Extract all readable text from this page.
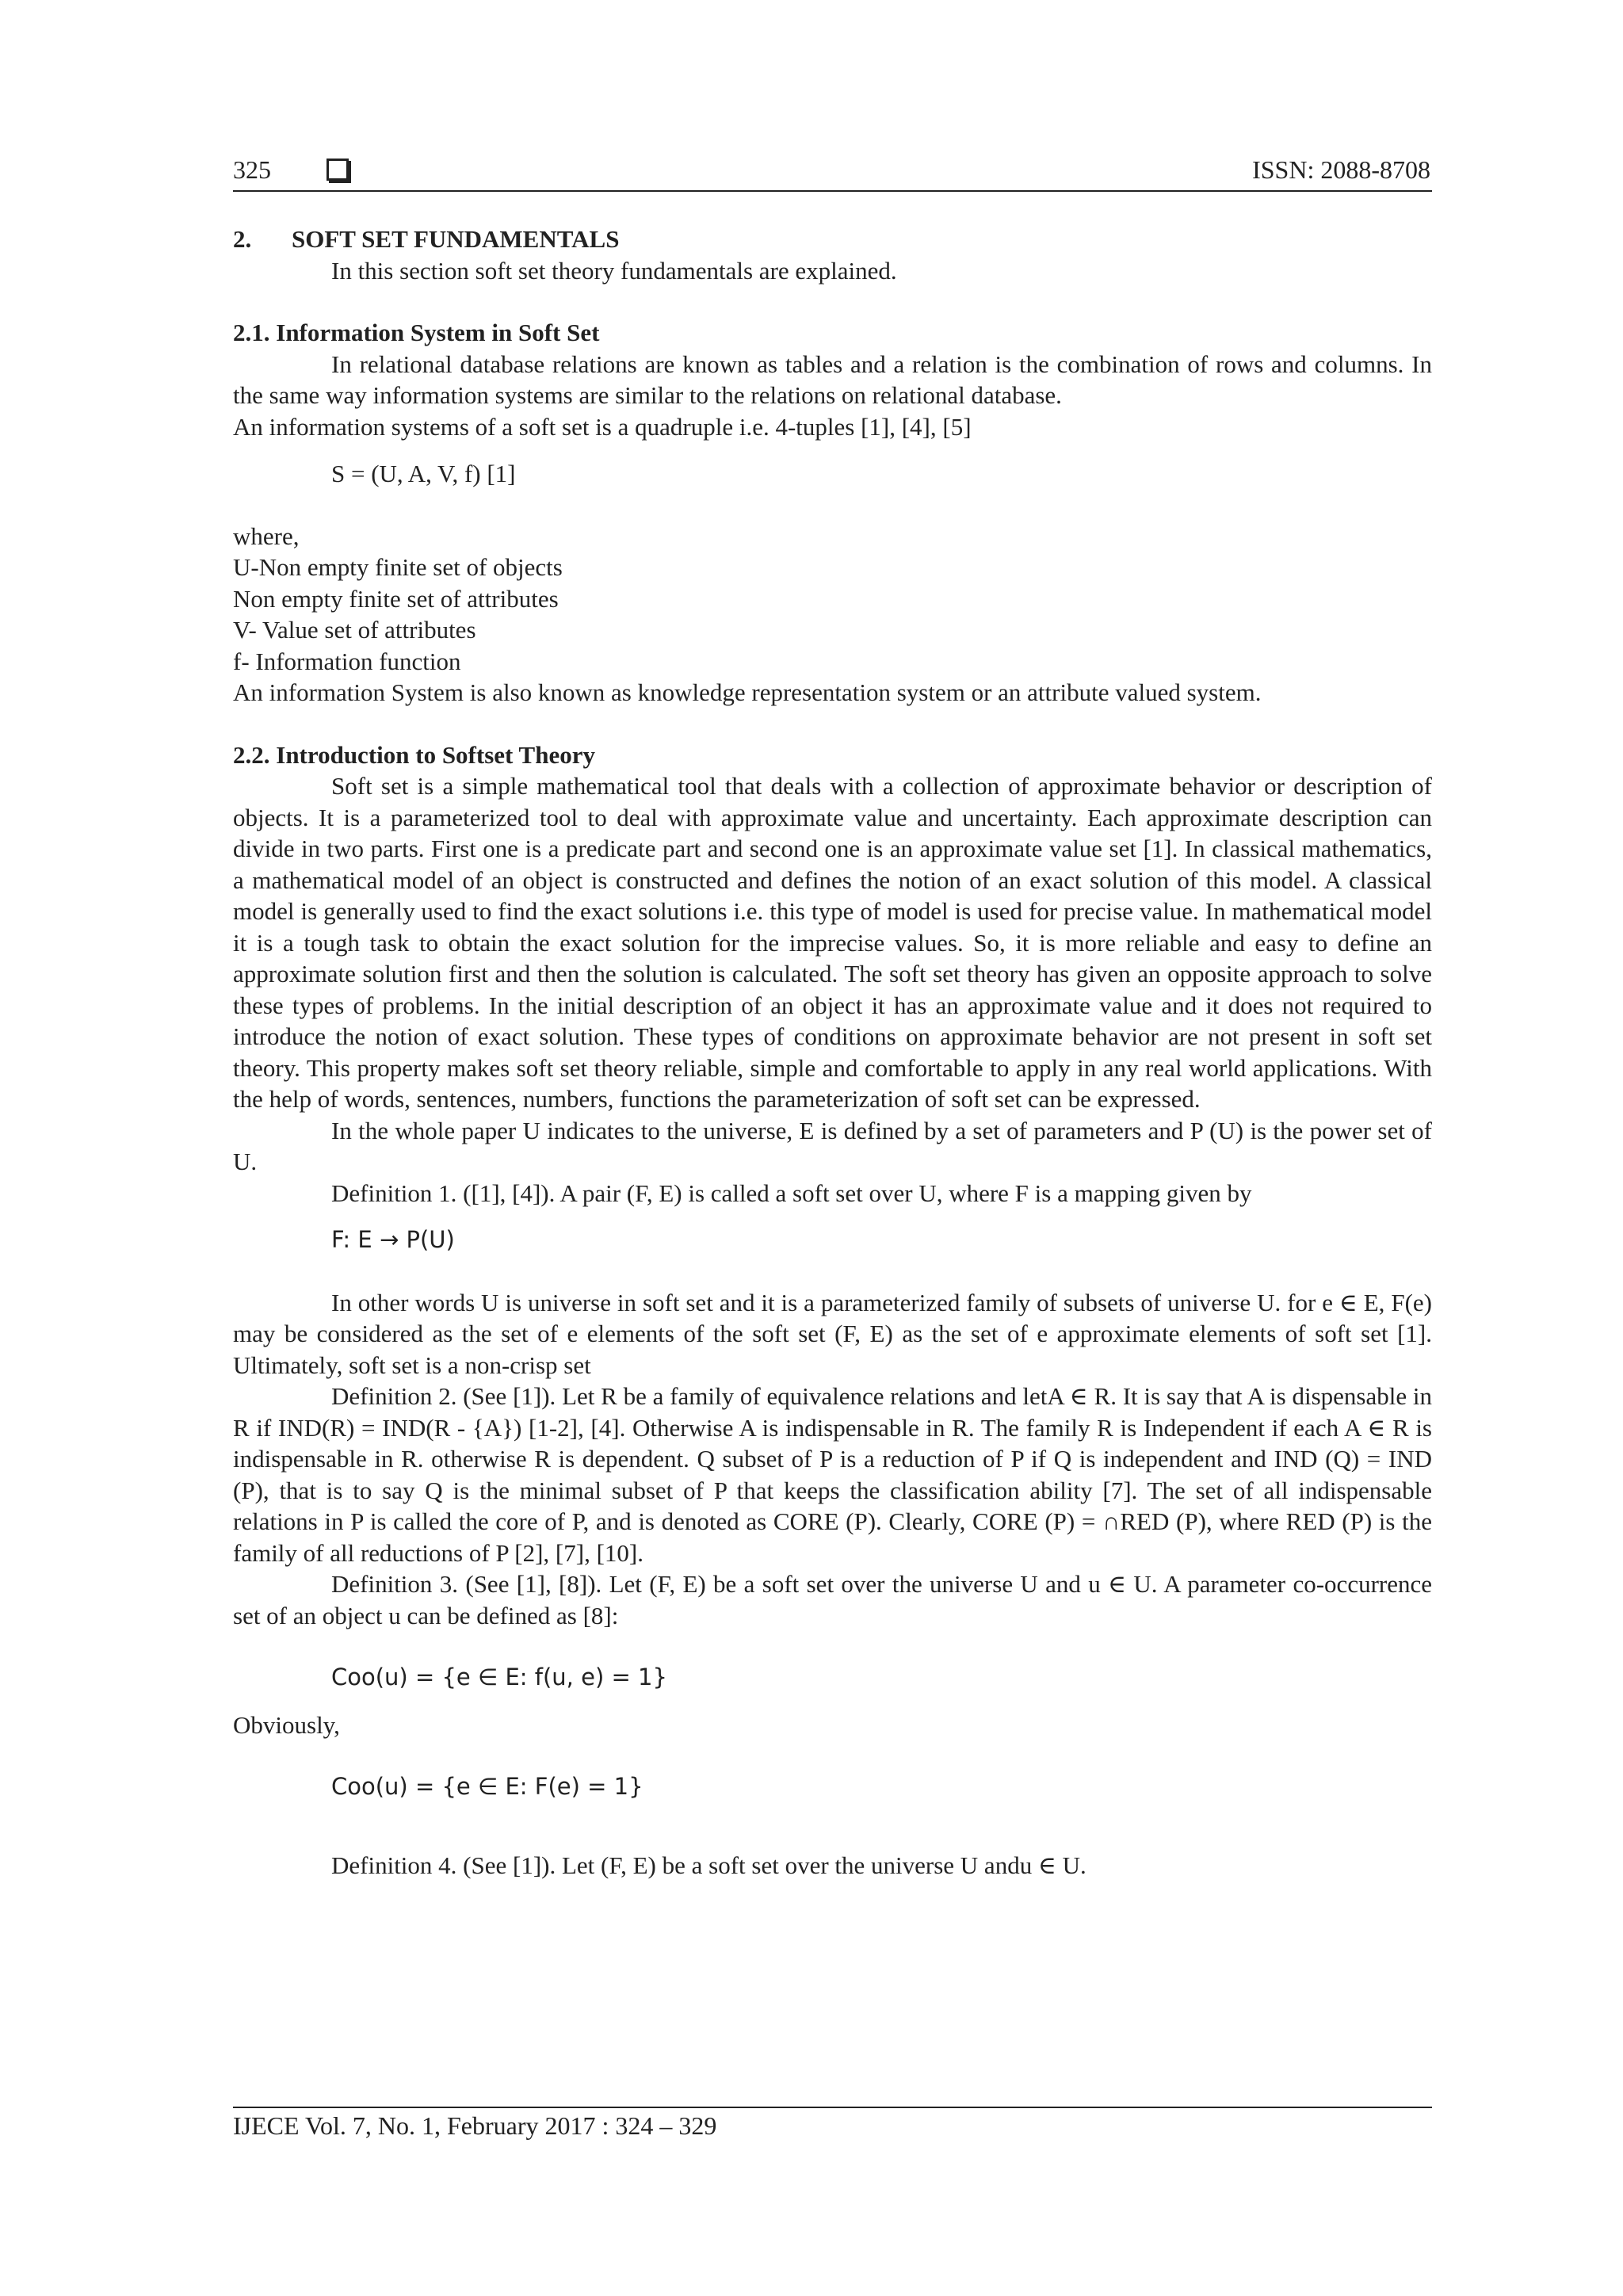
325	ISSN: 2088-8708

2. SOFT SET FUNDAMENTALS

In this section soft set theory fundamentals are explained.

2.1. Information System in Soft Set

In relational database relations are known as tables and a relation is the combination of rows and columns. In the same way information systems are similar to the relations on relational database.

An information systems of a soft set is a quadruple i.e. 4-tuples [1], [4], [5]

S = (U, A, V, f) [1]

where,

U-Non empty finite set of objects

Non empty finite set of attributes

V- Value set of attributes

f- Information function

An information System is also known as knowledge representation system or an attribute valued system.

2.2. Introduction to Softset Theory

Soft set is a simple mathematical tool that deals with a collection of approximate behavior or description of objects. It is a parameterized tool to deal with approximate value and uncertainty. Each approximate description can divide in two parts. First one is a predicate part and second one is an approximate value set [1]. In classical mathematics, a mathematical model of an object is constructed and defines the notion of an exact solution of this model. A classical model is generally used to find the exact solutions i.e. this type of model is used for precise value. In mathematical model it is a tough task to obtain the exact solution for the imprecise values. So, it is more reliable and easy to define an approximate solution first and then the solution is calculated. The soft set theory has given an opposite approach to solve these types of problems. In the initial description of an object it has an approximate value and it does not required to introduce the notion of exact solution. These types of conditions on approximate behavior are not present in soft set theory. This property makes soft set theory reliable, simple and comfortable to apply in any real world applications. With the help of words, sentences, numbers, functions the parameterization of soft set can be expressed.

In the whole paper U indicates to the universe, E is defined by a set of parameters and P (U) is the power set of U.

Definition 1. ([1], [4]). A pair (F, E) is called a soft set over U, where F is a mapping given by

F: E → P(U)

In other words U is universe in soft set and it is a parameterized family of subsets of universe U. for e ∈ E, F(e) may be considered as the set of e elements of the soft set (F, E) as the set of e approximate elements of soft set [1]. Ultimately, soft set is a non-crisp set

Definition 2. (See [1]). Let R be a family of equivalence relations and letA ∈ R. It is say that A is dispensable in R if IND(R) = IND(R - {A}) [1-2], [4]. Otherwise A is indispensable in R. The family R is Independent if each A ∈ R is indispensable in R. otherwise R is dependent. Q subset of P is a reduction of P if Q is independent and IND (Q) = IND (P), that is to say Q is the minimal subset of P that keeps the classification ability [7]. The set of all indispensable relations in P is called the core of P, and is denoted as CORE (P). Clearly, CORE (P) = ∩RED (P), where RED (P) is the family of all reductions of P [2], [7], [10].

Definition 3. (See [1], [8]). Let (F, E) be a soft set over the universe U and u ∈ U. A parameter co-occurrence set of an object u can be defined as [8]:

Coo(u) = {e ∈ E: f(u, e) = 1}

Obviously,

Coo(u) = {e ∈ E: F(e) = 1}

Definition 4. (See [1]). Let (F, E) be a soft set over the universe U andu ∈ U.

IJECE Vol. 7, No. 1, February 2017 : 324 – 329
